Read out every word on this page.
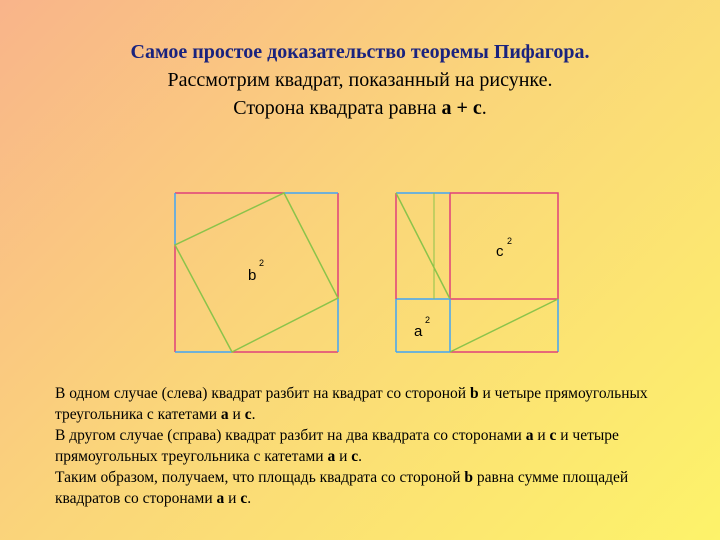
Самое простое доказательство теоремы Пифагора.
Рассмотрим квадрат, показанный на рисунке.
Сторона квадрата равна a + c.
b
2
c
2
a
2

В одном случае (слева) квадрат разбит на квадрат со стороной b и четыре прямоугольных треугольника с катетами a и c.

В другом случае (справа) квадрат разбит на два квадрата со сторонами a и c и четыре прямоугольных треугольника с катетами a и c.

Таким образом, получаем, что площадь квадрата со стороной b равна сумме площадей квадратов со сторонами a и c.
